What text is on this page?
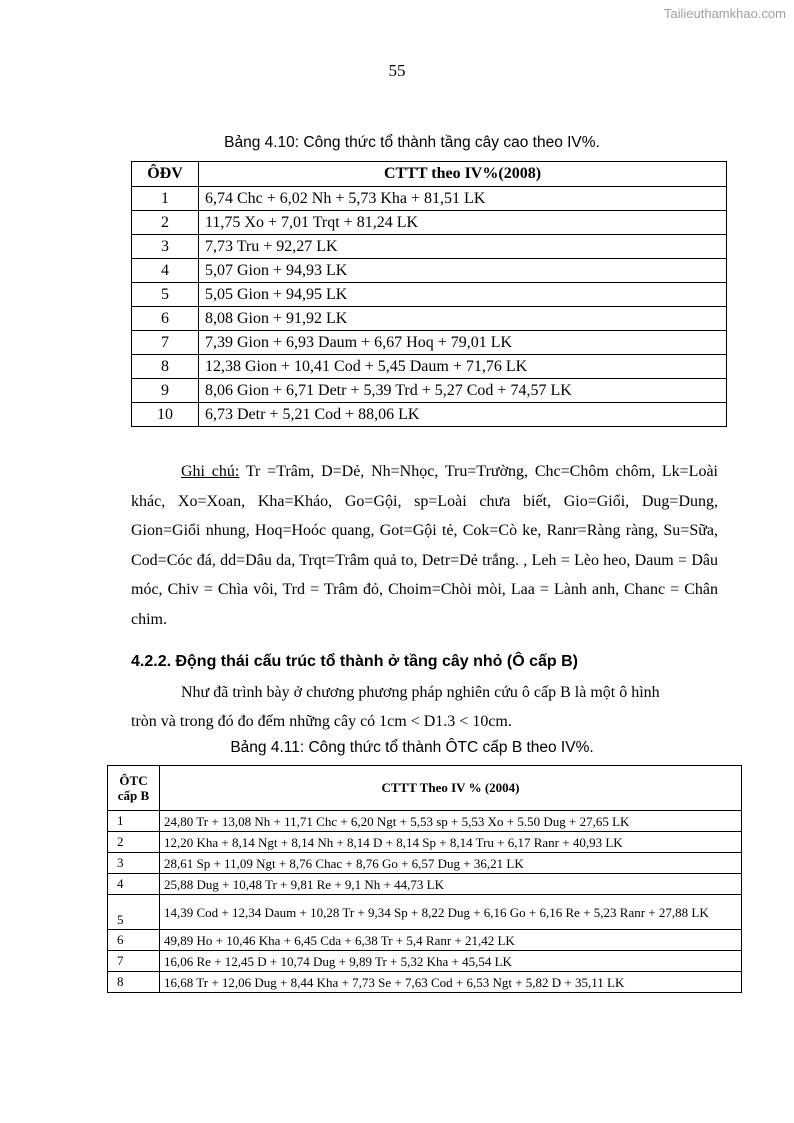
Tailieuthamkhao.com
55
Bảng 4.10: Công thức tổ thành tầng cây cao theo IV%.
ÔĐV	CTTT theo IV%(2008)
1	6,74 Chc + 6,02 Nh + 5,73 Kha + 81,51 LK
2	11,75 Xo + 7,01 Trqt + 81,24 LK
3	7,73 Tru + 92,27 LK
4	5,07 Gion + 94,93 LK
5	5,05 Gion + 94,95 LK
6	8,08 Gion + 91,92 LK
7	7,39 Gion + 6,93 Daum + 6,67 Hoq + 79,01 LK
8	12,38 Gion + 10,41 Cod + 5,45 Daum + 71,76 LK
9	8,06 Gion + 6,71 Detr + 5,39 Trd + 5,27 Cod + 74,57 LK
10	6,73 Detr + 5,21 Cod + 88,06 LK
Ghi chú: Tr =Trâm, D=Dẻ, Nh=Nhọc, Tru=Trường, Chc=Chôm chôm, Lk=Loài khác, Xo=Xoan, Kha=Kháo, Go=Gội, sp=Loài chưa biết, Gio=Giổi, Dug=Dung, Gion=Giổi nhung, Hoq=Hoóc quang, Got=Gội tẻ, Cok=Cò ke, Ranr=Ràng ràng, Su=Sữa, Cod=Cóc đá, dd=Dâu da, Trqt=Trâm quả to, Detr=Dẻ trắng. , Leh = Lèo heo, Daum = Dâu móc, Chiv = Chìa vôi, Trd = Trâm đỏ, Choim=Chòi mòi, Laa = Lành anh, Chanc = Chân chim.
4.2.2. Động thái cấu trúc tổ thành ở tầng cây nhỏ (Ô cấp B)
Như đã trình bày ở chương phương pháp nghiên cứu ô cấp B là một ô hình
tròn và trong đó đo đếm những cây có 1cm < D1.3 < 10cm.
Bảng 4.11: Công thức tổ thành ÔTC cấp B theo IV%.
ÔTC
cấp B	CTTT Theo IV % (2004)
1	24,80 Tr + 13,08 Nh + 11,71 Chc + 6,20 Ngt + 5,53 sp + 5,53 Xo + 5.50 Dug + 27,65 LK
2	12,20 Kha + 8,14 Ngt + 8,14 Nh + 8,14 D + 8,14 Sp + 8,14 Tru + 6,17 Ranr + 40,93 LK
3	28,61 Sp + 11,09 Ngt + 8,76 Chac + 8,76 Go + 6,57 Dug + 36,21 LK
4	25,88 Dug + 10,48 Tr + 9,81 Re + 9,1 Nh + 44,73 LK
5	14,39 Cod + 12,34 Daum + 10,28 Tr + 9,34 Sp + 8,22 Dug + 6,16 Go + 6,16 Re + 5,23 Ranr + 27,88 LK
6	49,89 Ho + 10,46 Kha + 6,45 Cda + 6,38 Tr + 5,4 Ranr + 21,42 LK
7	16,06 Re + 12,45 D + 10,74 Dug + 9,89 Tr + 5,32 Kha + 45,54 LK
8	16,68 Tr + 12,06 Dug + 8,44 Kha + 7,73 Se + 7,63 Cod + 6,53 Ngt + 5,82 D + 35,11 LK
